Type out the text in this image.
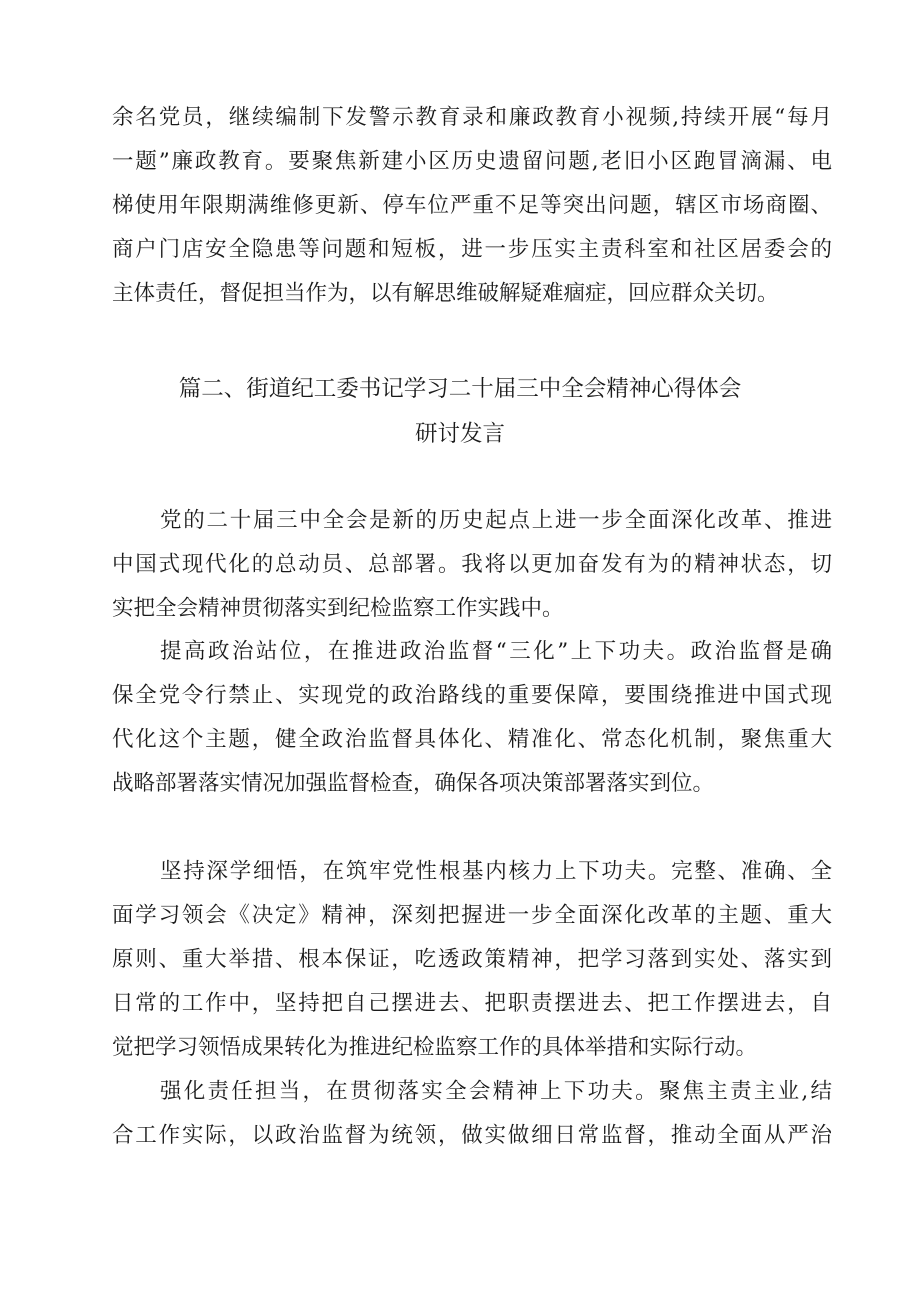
余名党员，继续编制下发警示教育录和廉政教育小视频,持续开展“每月
一题”廉政教育。要聚焦新建小区历史遗留问题,老旧小区跑冒滴漏、电
梯使用年限期满维修更新、停车位严重不足等突出问题，辖区市场商圈、
商户门店安全隐患等问题和短板，进一步压实主责科室和社区居委会的
主体责任，督促担当作为，以有解思维破解疑难痼症，回应群众关切。
篇二、街道纪工委书记学习二十届三中全会精神心得体会
研讨发言
党的二十届三中全会是新的历史起点上进一步全面深化改革、推进
中国式现代化的总动员、总部署。我将以更加奋发有为的精神状态，切
实把全会精神贯彻落实到纪检监察工作实践中。
提高政治站位，在推进政治监督“三化”上下功夫。政治监督是确
保全党令行禁止、实现党的政治路线的重要保障，要围绕推进中国式现
代化这个主题，健全政治监督具体化、精准化、常态化机制，聚焦重大
战略部署落实情况加强监督检查，确保各项决策部署落实到位。
坚持深学细悟，在筑牢党性根基内核力上下功夫。完整、准确、全
面学习领会《决定》精神，深刻把握进一步全面深化改革的主题、重大
原则、重大举措、根本保证，吃透政策精神，把学习落到实处、落实到
日常的工作中，坚持把自己摆进去、把职责摆进去、把工作摆进去，自
觉把学习领悟成果转化为推进纪检监察工作的具体举措和实际行动。
强化责任担当，在贯彻落实全会精神上下功夫。聚焦主责主业,结
合工作实际，以政治监督为统领，做实做细日常监督，推动全面从严治
